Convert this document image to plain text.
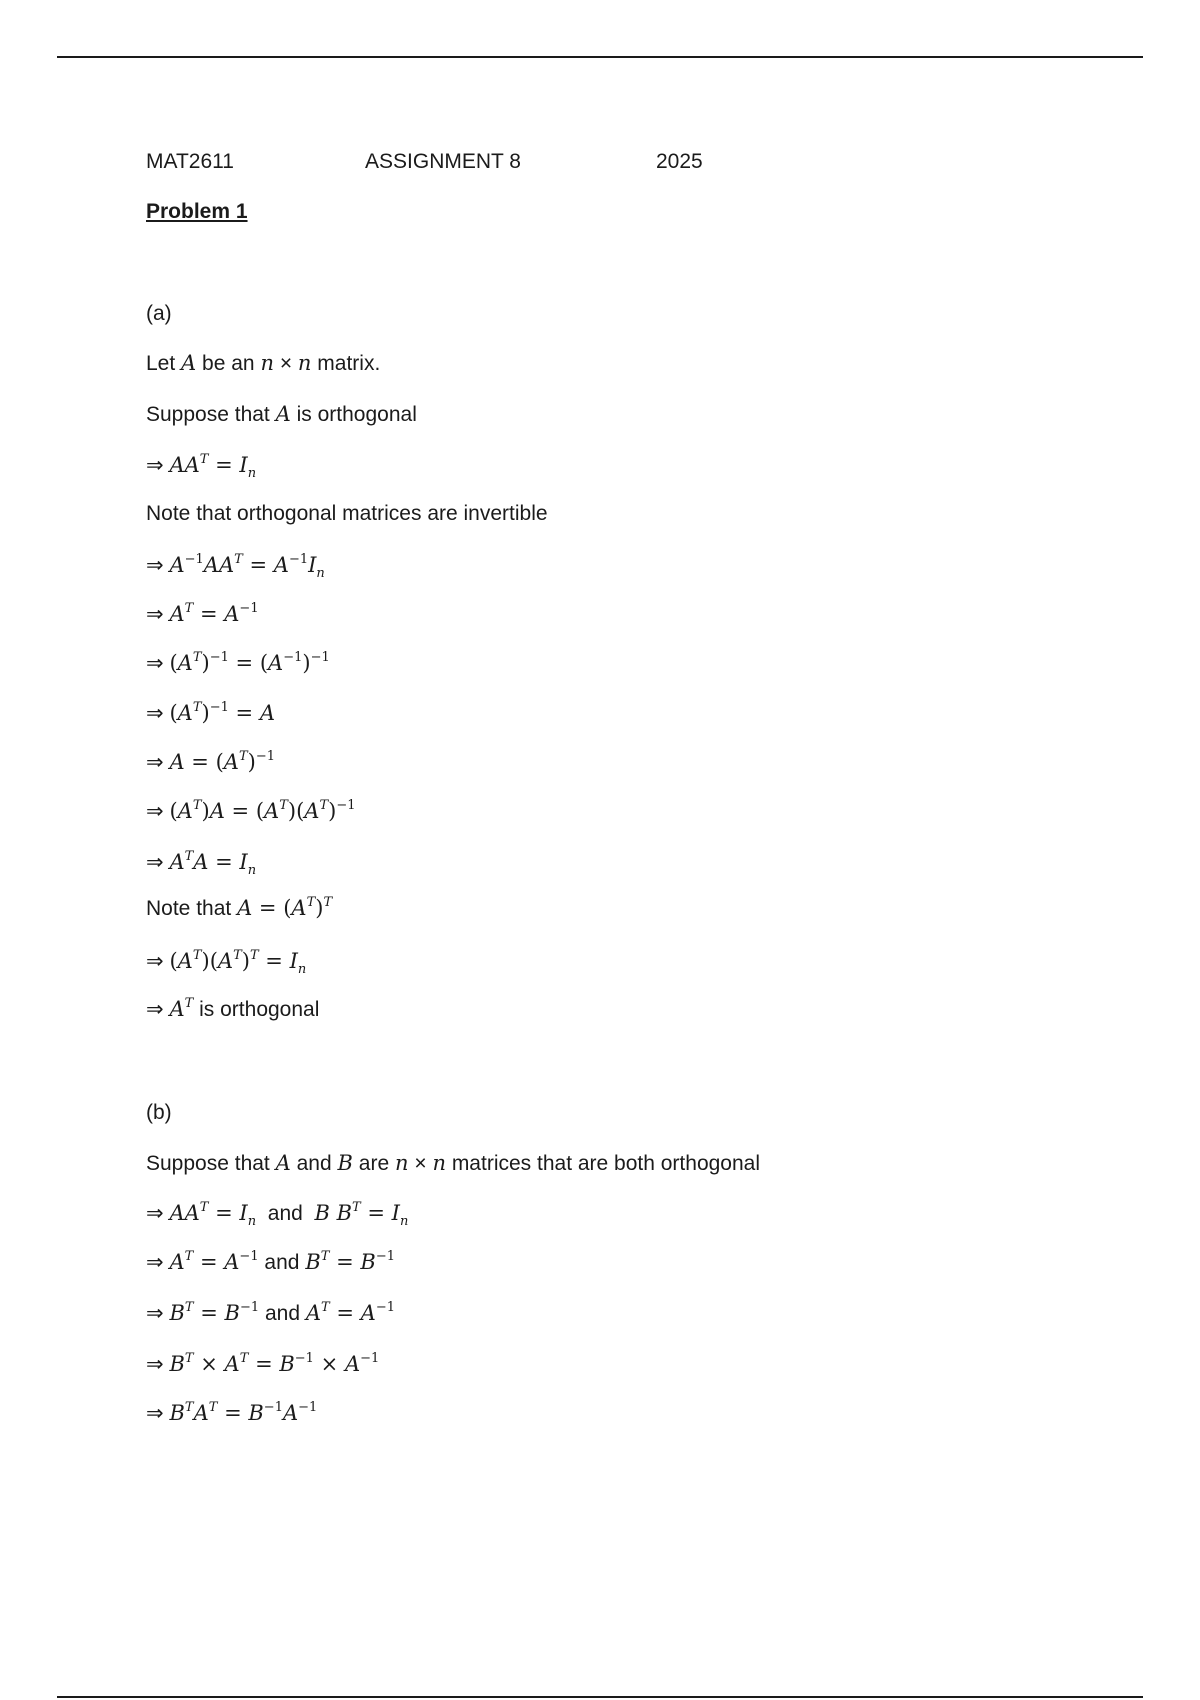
MAT2611	ASSIGNMENT 8	2025
Problem 1
(a)
Let A be an n × n matrix.
Suppose that A is orthogonal
⇒ $AA^T = I_n$
Note that orthogonal matrices are invertible
⇒ $A^{-1}AA^T = A^{-1}I_n$
⇒ $A^T = A^{-1}$
⇒ $(A^T)^{-1} = (A^{-1})^{-1}$
⇒ $(A^T)^{-1} = A$
⇒ $A = (A^T)^{-1}$
⇒ $(A^T)A = (A^T)(A^T)^{-1}$
⇒ $A^TA = I_n$
Note that $A = (A^T)^T$
⇒ $(A^T)(A^T)^T = I_n$
⇒ $A^T$ is orthogonal
(b)
Suppose that A and B are n × n matrices that are both orthogonal
⇒ $AA^T = I_n$  and  B $B^T = I_n$
⇒ $A^T = A^{-1}$ and $B^T = B^{-1}$
⇒ $B^T = B^{-1}$ and $A^T = A^{-1}$
⇒ $B^T \times A^T = B^{-1} \times A^{-1}$
⇒ $B^TA^T = B^{-1}A^{-1}$
